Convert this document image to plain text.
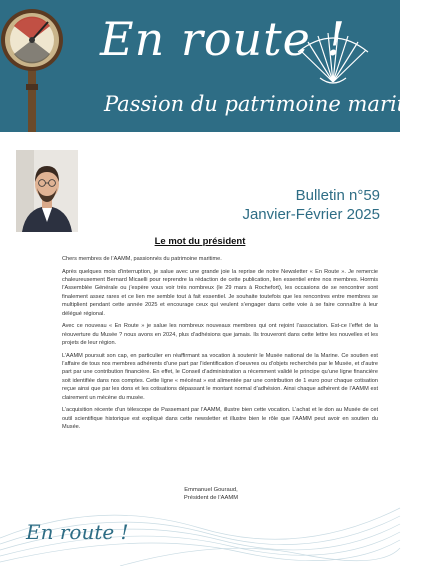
En route !
Passion du patrimoine maritime
Bulletin n°59
Janvier-Février 2025
Le mot du président

Chers membres de l’AAMM, passionnés du patrimoine maritime.

Après quelques mois d’interruption, je salue avec une grande joie la reprise de notre Newsletter « En Route ». Je remercie chaleureusement Bernard Micaelli pour reprendre la rédaction de cette publication, lien essentiel entre nos membres. Hormis l’Assemblée Générale ou j’espère vous voir très nombreux (le 29 mars à Rochefort), les occasions de se rencontrer sont finalement assez rares et ce lien me semble tout à fait essentiel. Je souhaite toutefois que les rencontres entre membres se multiplient pendant cette année 2025 et encourage ceux qui veulent s’engager dans cette voie à se faire connaître à leur délégué régional.

Avec ce nouveau « En Route » je salue les nombreux nouveaux membres qui ont rejoint l’association. Est-ce l’effet de la réouverture du Musée ? nous avons en 2024, plus d’adhésions que jamais. Ils trouveront dans cette lettre les nouvelles et les projets de leur région.

L’AAMM poursuit son cap, en particulier en réaffirmant sa vocation à soutenir le Musée national de la Marine. Ce soutien est l’affaire de tous nos membres adhérents d’une part par l’identification d’oeuvres ou d’objets recherchés par le Musée, et d’autre part par une contribution financière. En effet, le Conseil d’administration a récemment validé le principe qu’une ligne financière soit identifiée dans nos comptes. Cette ligne « mécénat » est alimentée par une contribution de 1 euro pour chaque cotisation reçue ainsi que par les dons et les cotisations dépassant le montant normal d’adhésion. Ainsi chaque adhérent de l’AAMM est clairement un mécène du musée.

L’acquisition récente d’un télescope de Passemant par l’AAMM, illustre bien cette vocation. L’achat et le don au Musée de cet outil scientifique historique est expliqué dans cette newsletter et illustre bien le rôle que l’AAMM peut avoir en soutien du Musée.

Emmanuel Gouraud,
Président de l’AAMM
En route !
